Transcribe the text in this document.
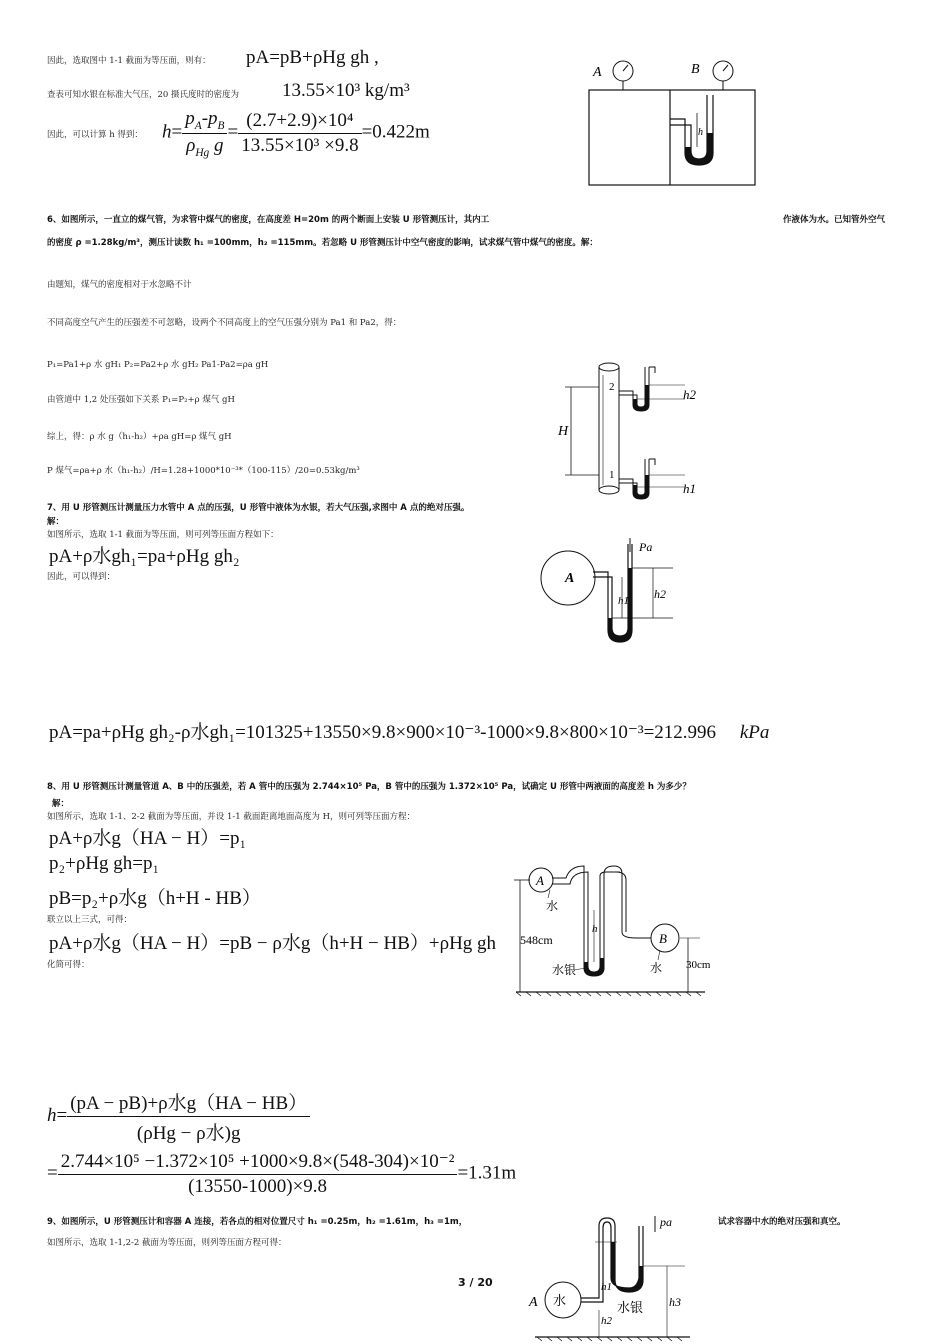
因此，选取图中 1-1 截面为等压面，则有： pA=pB+ρHg gh ,
查表可知水银在标准大气压，20 摄氏度时的密度为 13.55×10³ kg/m³
因此，可以计算 h 得到： $h= \frac{p_A-p_B}{\rho_{Hg} g} = \frac{\text{(2.7+2.9)×10⁴}}{\text{13.55×10³ ×9.8}} =0.422m$
A	B
h
6、如图所示，一直立的煤气管，为求管中煤气的密度，在高度差 H=20m 的两个断面上安装 U 形管测压计，其内工	作液体为水。已知管外空气
的密度 ρ =1.28kg/m³，测压计读数 h₁ =100mm，h₂ =115mm。若忽略 U 形管测压计中空气密度的影响，试求煤气管中煤气的密度。解：
由题知，煤气的密度相对于水忽略不计
不同高度空气产生的压强差不可忽略，设两个不同高度上的空气压强分别为 Pa1 和 Pa2，得：
P₁=Pa1+ρ 水 gH₁ P₂=Pa2+ρ 水 gH₂ Pa1-Pa2=ρa gH
由管道中 1,2 处压强如下关系 P₁=P₂+ρ 煤气 gH
综上，得：ρ 水 g（h₁-h₂）+ρa gH=ρ 煤气 gH
P 煤气=ρa+ρ 水（h₁-h₂）/H=1.28+1000*10⁻³*（100-115）/20=0.53kg/m³
H
2
1
h2
h1
7、用 U 形管测压计测量压力水管中 A 点的压强，U 形管中液体为水银，若大气压强,求图中 A 点的绝对压强。
解：
如图所示，选取 1-1 截面为等压面，则可列等压面方程如下：
pA+ρ水gh₁=pa+ρHg gh₂
因此，可以得到：	A
Pa
h1 h2
pA=pa+ρHg gh₂-ρ水gh₁=101325+13550×9.8×900×10⁻³-1000×9.8×800×10⁻³=212.996 kPa
8、用 U 形管测压计测量管道 A、B 中的压强差，若 A 管中的压强为 2.744×10⁵ Pa，B 管中的压强为 1.372×10⁵ Pa，试确定 U 形管中两液面的高度差 h 为多少？
解：
如图所示，选取 1-1、2-2 截面为等压面，并设 1-1 截面距离地面高度为 H，则可列等压面方程：
pA+ρ水g（HA − H）=p₁
p₂+ρHg gh=p₁
pB=p₂+ρ水g（h+H - HB）
联立以上三式，可得：
pA+ρ水g（HA − H）=pB − ρ水g（h+H − HB）+ρHg gh
化简可得：
A
548cm
水
h
水银
B
水 30cm
$h= \frac{\text{(pA − pB)+ρ水g（HA − HB）}}{\text{(ρHg − ρ水)g}}$
= $\frac{\text{2.744×10⁵ −1.372×10⁵ +1000×9.8×(548-304)×10⁻²}}{(13550-1000)\times 9.8} =1.31m$
9、如图所示，U 形管测压计和容器 A 连接，若各点的相对位置尺寸 h₁ =0.25m，h₂ =1.61m，h₃ =1m，	试求容器中水的绝对压强和真空。
如图所示，选取 1-1,2-2 截面为等压面，则列等压面方程可得：
3 / 20
A 水
pa
h1
h2
水银 h3
